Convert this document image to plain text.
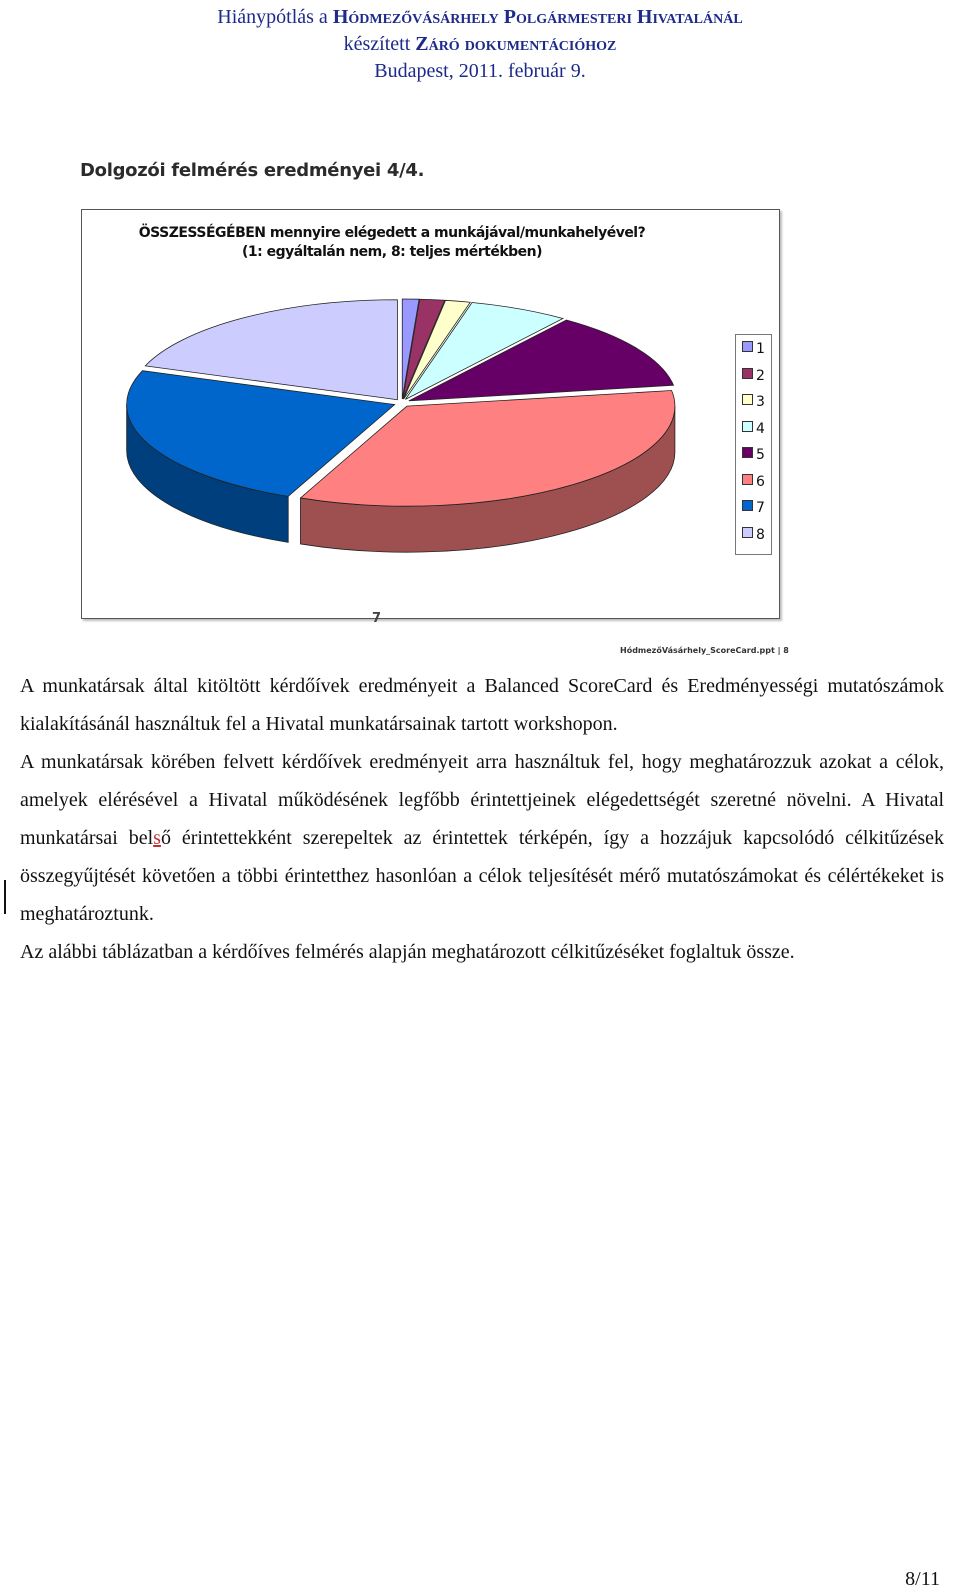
Hiánypótlás a Hódmezővásárhely Polgármesteri Hivatalánál
készített Záró dokumentációhoz
Budapest, 2011. február 9.
Dolgozói felmérés eredményei 4/4.
ÖSSZESSÉGÉBEN mennyire elégedett a munkájával/munkahelyével?
(1: egyáltalán nem, 8: teljes mértékben)
1
2
3
4
5
6
7
8
7
HódmezőVásárhely_ScoreCard.ppt | 8

A munkatársak által kitöltött kérdőívek eredményeit a Balanced ScoreCard és Eredményességi mutatószámok kialakításánál használtuk fel a Hivatal munkatársainak tartott workshopon.

A munkatársak körében felvett kérdőívek eredményeit arra használtuk fel, hogy meghatározzuk azokat a célok, amelyek elérésével a Hivatal működésének legfőbb érintettjeinek elégedettségét szeretné növelni. A Hivatal munkatársai belső érintettekként szerepeltek az érintettek térképén, így a hozzájuk kapcsolódó célkitűzések összegyűjtését követően a többi érintetthez hasonlóan a célok teljesítését mérő mutatószámokat és célértékeket is meghatároztunk.

Az alábbi táblázatban a kérdőíves felmérés alapján meghatározott célkitűzéséket foglaltuk össze.

8/11
